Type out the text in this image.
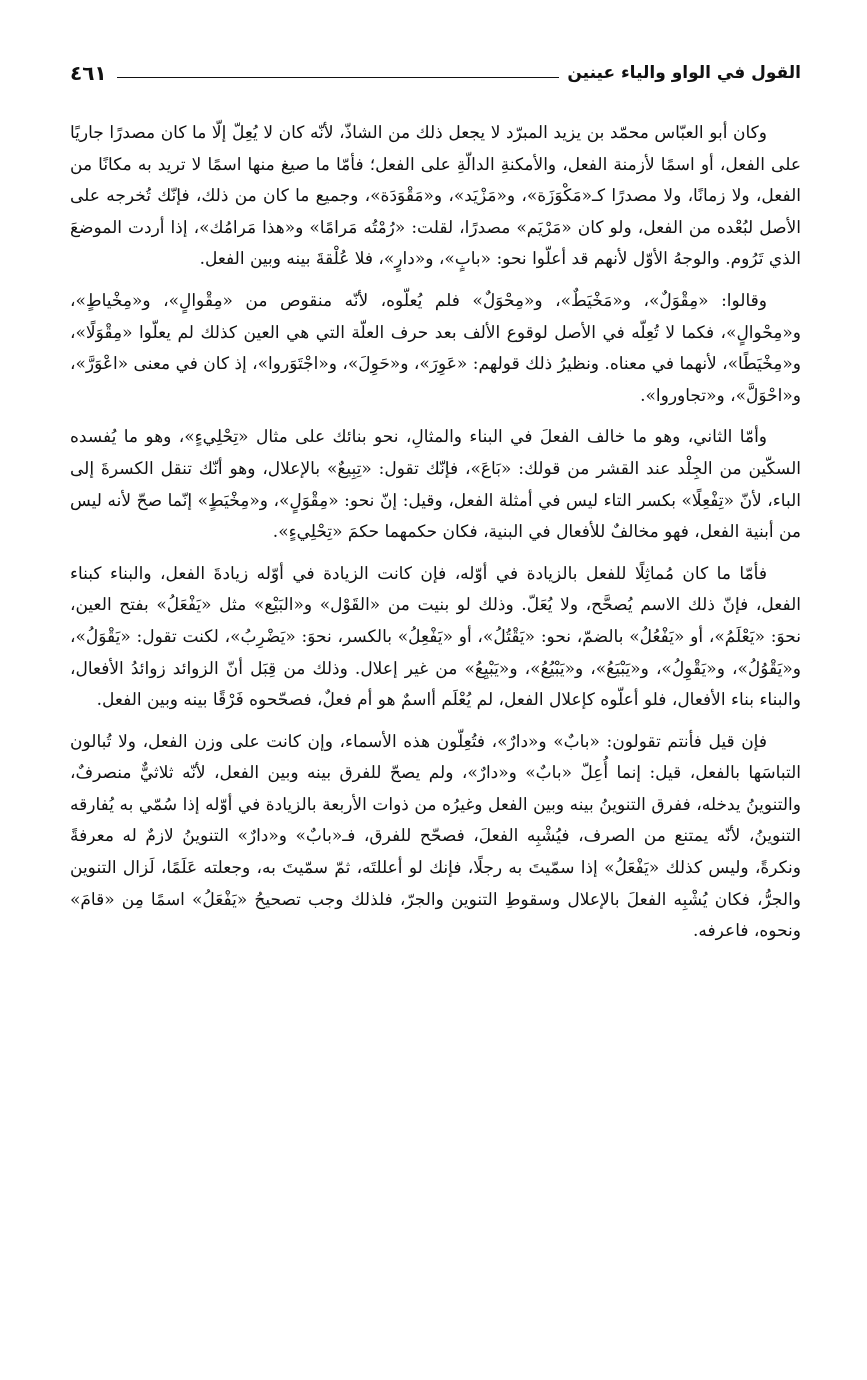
القول في الواو والياء عينين
٤٦١

وكان أبو العبّاس محمّد بن يزيد المبرّد لا يجعل ذلك من الشاذّ، لأنّه كان لا يُعِلّ إلّا ما كان مصدرًا جاريًا على الفعل، أو اسمًا لأزمنة الفعل، والأمكنةِ الدالّةِ على الفعل؛ فأمّا ما صيغ منها اسمًا لا تريد به مكانًا من الفعل، ولا زمانًا، ولا مصدرًا كـ«مَكْوَزَة»، و«مَزْيَد»، و«مَقْوَدَة»، وجميع ما كان من ذلك، فإنّك تُخرجه على الأصل لبُعْده من الفعل، ولو كان «مَرْيَم» مصدرًا، لقلت: «رُمْتُه مَرامًا» و«هذا مَرامُك»، إذا أردت الموضعَ الذي تَرُوم. والوجهُ الأوّل لأنهم قد أعلّوا نحو: «بابٍ»، و«دارٍ»، فلا عُلْقةَ بينه وبين الفعل.

وقالوا: «مِقْوَلٌ»، و«مَخْيَطٌ»، و«مِحْوَلٌ» فلم يُعلّوه، لأنّه منقوص من «مِقْوالٍ»، و«مِخْياطٍ»، و«مِحْوالٍ»، فكما لا تُعِلّه في الأصل لوقوع الألف بعد حرف العلّة التي هي العين كذلك لم يعلّوا «مِقْوَلًا»، و«مِخْيَطًا»، لأنهما في معناه. ونظيرُ ذلك قولهم: «عَوِرَ»، و«حَوِلَ»، و«اجْتَوَروا»، إذ كان في معنى «اعْوَرَّ»، و«احْوَلَّ»، و«تجاوروا».

وأمّا الثاني، وهو ما خالف الفعلَ في البناء والمثالِ، نحو بنائك على مثال «تِحْلِيءٍ»، وهو ما يُفسده السكّين من الجِلْد عند القشر من قولك: «بَاعَ»، فإنّك تقول: «تِبِيعٌ» بالإعلال، وهو أنّك تنقل الكسرةَ إلى الباء، لأنّ «تِفْعِلًا» بكسر التاء ليس في أمثلة الفعل، وقيل: إنّ نحو: «مِقْوَلٍ»، و«مِخْيَطٍ» إنّما صحّ لأنه ليس من أبنية الفعل، فهو مخالفٌ للأفعال في البنية، فكان حكمهما حكمَ «تِحْلِيءٍ».

فأمّا ما كان مُماثِلًا للفعل بالزيادة في أوّله، فإن كانت الزيادة في أوّله زيادةَ الفعل، والبناء كبناء الفعل، فإنّ ذلك الاسم يُصحَّح، ولا يُعَلّ. وذلك لو بنيت من «القَوْل» و«البَيْع» مثل «يَفْعَلُ» بفتح العين، نحوَ: «يَعْلَمُ»، أو «يَفْعُلُ» بالضمّ، نحو: «يَقْتُلُ»، أو «يَفْعِلُ» بالكسر، نحوَ: «يَضْرِبُ»، لكنت تقول: «يَقْوَلُ»، و«يَقْوُلُ»، و«يَقْوِلُ»، و«يَبْيَعُ»، و«يَبْيُعُ»، و«يَبْيِعُ» من غير إعلال. وذلك من قِبَل أنّ الزوائد زوائدُ الأفعال، والبناء بناء الأفعال، فلو أعلّوه كإعلال الفعل، لم يُعْلَم أاسمٌ هو أم فعلٌ، فصحّحوه فَرْقًا بينه وبين الفعل.

فإن قيل فأنتم تقولون: «بابٌ» و«دارٌ»، فتُعِلّون هذه الأسماء، وإن كانت على وزن الفعل، ولا تُبالون التباسَها بالفعل، قيل: إنما أُعِلّ «بابٌ» و«دارٌ»، ولم يصحّ للفرق بينه وبين الفعل، لأنّه ثلاثيٌّ منصرفٌ، والتنوينُ يدخله، ففرق التنوينُ بينه وبين الفعل وغيرُه من ذوات الأربعة بالزيادة في أوّله إذا سُمّي به يُفارقه التنوينُ، لأنّه يمتنع من الصرف، فيُشْبِه الفعلَ، فصحّح للفرق، فـ«بابٌ» و«دارٌ» التنوينُ لازمٌ له معرفةً ونكرةً، وليس كذلك «يَفْعَلُ» إذا سمّيتَ به رجلًا، فإنك لو أعللتَه، ثمّ سمّيتَ به، وجعلته عَلَمًا، لَزال التنوين والجرُّ، فكان يُشْبِه الفعلَ بالإعلال وسقوطِ التنوين والجرّ، فلذلك وجب تصحيحُ «يَفْعَلُ» اسمًا مِن «قامَ» ونحوه، فاعرفه.
